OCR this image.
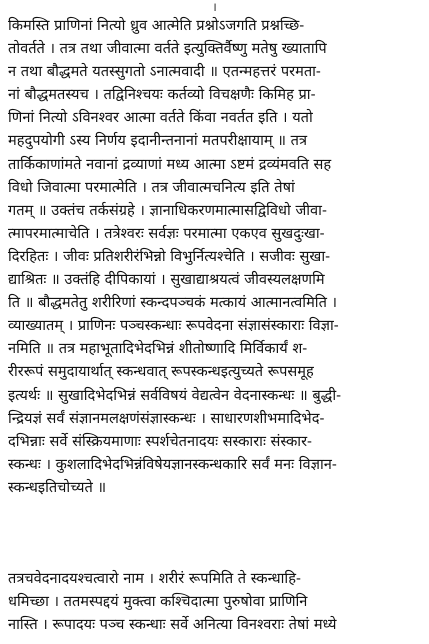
।
किमस्ति प्राणिनां नित्यो ध्रुव आत्मेति प्रश्नोऽजगति प्रश्नच्छि-
तोवर्तते । तत्र तथा जीवात्मा वर्तते इत्युक्तिर्वैष्णु मतेषु ख्यातापि
न तथा बौद्धमते यतस्सुगतो ऽनात्मवादी ॥ एतन्महत्तरं परमता-
नां बौद्धमतस्यच । तद्विनिश्चयः कर्तव्यो विचक्षणैः किमिह प्रा-
णिनां नित्यो ऽविनश्वर आत्मा वर्तते किंवा नवर्तत इति । यतो
महदुपयोगी ऽस्य निर्णय इदानीन्तनानां मतपरीक्षायाम् ॥ तत्र
तार्किकाणांमते नवानां द्रव्याणां मध्य आत्मा ऽष्टमं द्रव्यंमवति सह
विधो जिवात्मा परमात्मेति । तत्र जीवात्मचनित्य इति तेषां
गतम् ॥ उक्तंच तर्कसंग्रहे । ज्ञानाधिकरणमात्मासद्विविधो जीवा-
त्मापरमात्माचेति । तत्रेश्वरः सर्वज्ञः परमात्मा एकएव सुखदुःखा-
दिरहितः । जीवः प्रतिशरीरंभिन्नो विभुर्नित्यश्चेति । सजीवः सुखा-
द्याश्रितः ॥ उक्तंहि दीपिकायां । सुखाद्याश्रयत्वं जीवस्यलक्षणमि
ति ॥ बौद्धमतेतु शरीरिणां स्कन्दपञ्चकं मत्कायं आत्मानत्वमिति ।
व्याख्यातम् । प्राणिनः पञ्चस्कन्धाः रूपवेदना संज्ञासंस्काराः विज्ञा-
नमिति ॥ तत्र महाभूतादिभेदभिन्नं शीतोष्णादि मिर्विकार्यं श-
रीररूपं समुदायार्थात् स्कन्धवात् रूपस्कन्धइत्युच्यते रूपसमूह
इत्यर्थः ॥ सुखादिभेदभिन्नं सर्वविषयं वेद्यत्वेन वेदनास्कन्धः ॥ बुद्धी-
न्द्रियज्ञं सर्वं संज्ञानमलक्षणंसंज्ञास्कन्धः । साधारणशीभमादिभेद-
दभिन्नाः सर्वे संस्क्रियमाणाः स्पर्शचेतनादयः सस्काराः संस्कार-
स्कन्धः । कुशलादिभेदभिन्नंविषेयज्ञानस्कन्धकारि सर्वं मनः विज्ञान-
स्कन्धइतिचोच्यते ॥
तत्रचवेदनादयश्चत्वारो नाम । शरीरं रूपमिति ते स्कन्धाहि-
धमिच्छा । ततमस्पद्दयं मुक्त्वा कश्चिदात्मा पुरुषोवा प्राणिनि
नास्ति । रूपादयः पञ्च स्कन्धाः सर्वे अनित्या विनश्वराः तेषां मध्ये
